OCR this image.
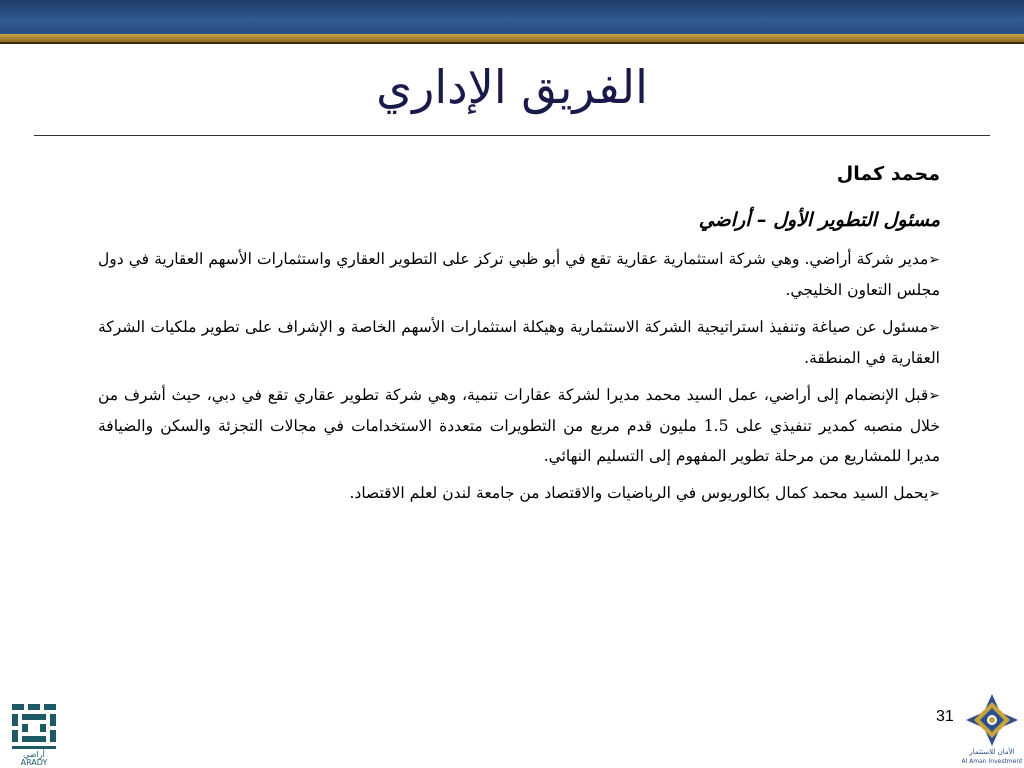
الفريق الإداري

محمد كمال

مسئول التطوير الأول – أراضي

➢مدير شركة أراضي. وهي شركة استثمارية عقارية تقع في أبو ظبي تركز على التطوير العقاري واستثمارات الأسهم العقارية في دول مجلس التعاون الخليجي.
➢مسئول عن صياغة وتنفيذ استراتيجية الشركة الاستثمارية وهيكلة استثمارات الأسهم الخاصة و الإشراف على تطوير ملكيات الشركة العقارية في المنطقة.
➢قبل الإنضمام إلى أراضي، عمل السيد محمد مديرا لشركة عقارات تنمية، وهي شركة تطوير عقاري تقع في دبي، حيث أشرف من خلال منصبه كمدير تنفيذي على 1.5 مليون قدم مربع من التطويرات متعددة الاستخدامات في مجالات التجزئة والسكن والضيافة مديرا للمشاريع من مرحلة تطوير المفهوم إلى التسليم النهائي.
➢يحمل السيد محمد كمال بكالوريوس في الرياضيات والاقتصاد من جامعة لندن لعلم الاقتصاد.
31
أراضي
ARADY
الأمان للاستثمار
Al Aman Investment
